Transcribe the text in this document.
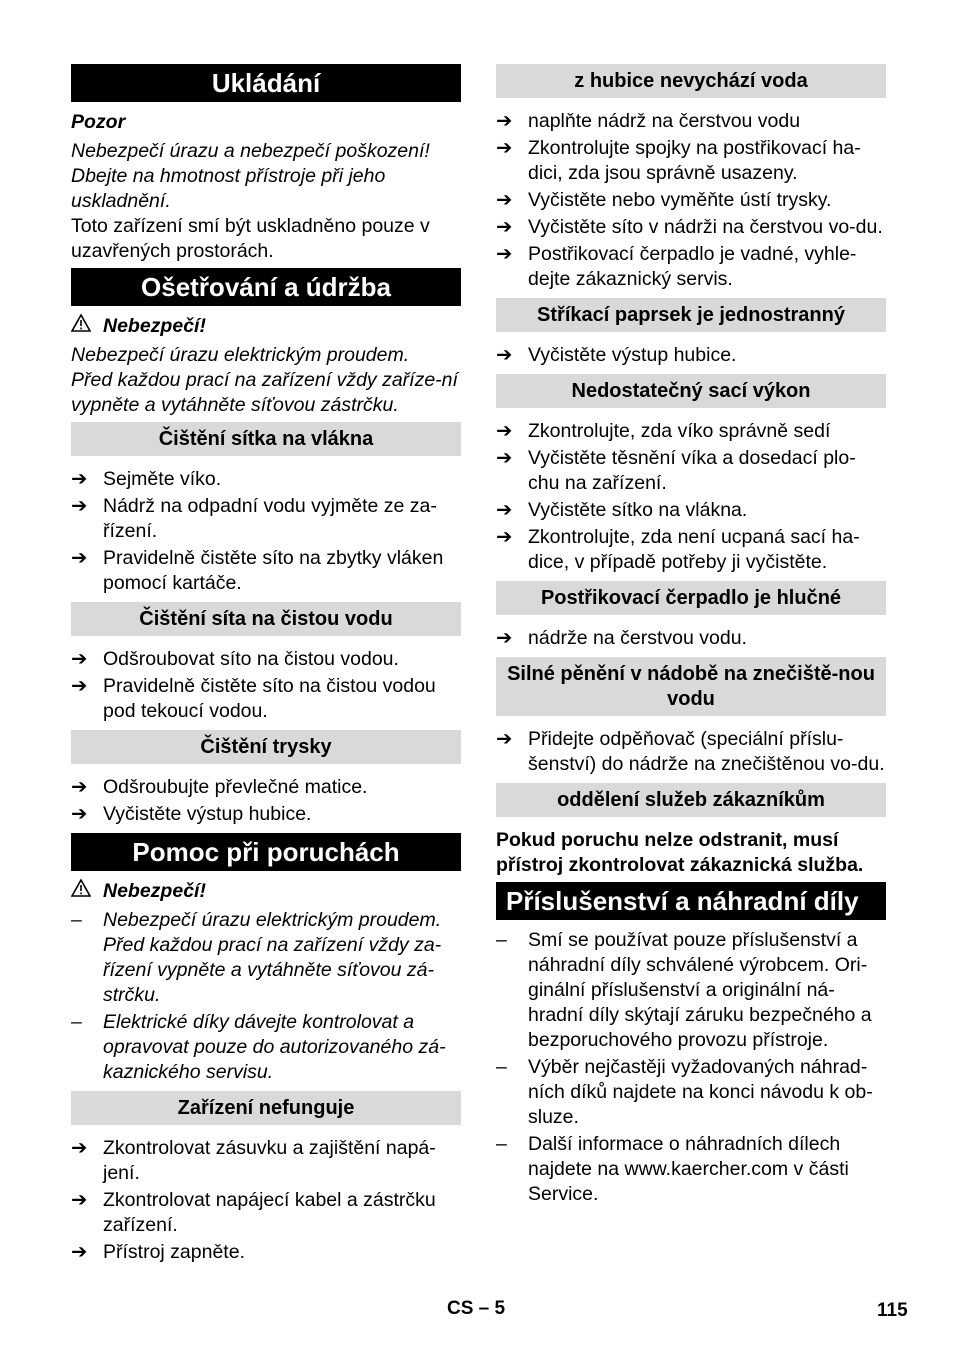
Ukládání

Pozor

Nebezpečí úrazu a nebezpečí poškození!

Dbejte na hmotnost přístroje při jeho uskladnění.

Toto zařízení smí být uskladněno pouze v uzavřených prostorách.

Ošetřování a údržba
Nebezpečí!

Nebezpečí úrazu elektrickým proudem.

Před každou prací na zařízení vždy zaříze-ní vypněte a vytáhněte síťovou zástrčku.

Čištění sítka na vlákna
➔ Sejměte víko.
➔ Nádrž na odpadní vodu vyjměte ze za-řízení.
➔ Pravidelně čistěte síto na zbytky vláken pomocí kartáče.
Čištění síta na čistou vodu
➔ Odšroubovat síto na čistou vodou.
➔ Pravidelně čistěte síto na čistou vodou pod tekoucí vodou.
Čištění trysky
➔ Odšroubujte převlečné matice.
➔ Vyčistěte výstup hubice.
Pomoc při poruchách
Nebezpečí!
–	Nebezpečí úrazu elektrickým proudem. Před každou prací na zařízení vždy za-řízení vypněte a vytáhněte síťovou zá-strčku.
–	Elektrické díky dávejte kontrolovat a opravovat pouze do autorizovaného zá-kaznického servisu.
Zařízení nefunguje
➔ Zkontrolovat zásuvku a zajištění napá-jení.
➔ Zkontrolovat napájecí kabel a zástrčku zařízení.
➔ Přístroj zapněte.
z hubice nevychází voda
➔ naplňte nádrž na čerstvou vodu
➔ Zkontrolujte spojky na postřikovací ha-dici, zda jsou správně usazeny.
➔ Vyčistěte nebo vyměňte ústí trysky.
➔ Vyčistěte síto v nádrži na čerstvou vo-du.
➔ Postřikovací čerpadlo je vadné, vyhle-dejte zákaznický servis.
Stříkací paprsek je jednostranný
➔ Vyčistěte výstup hubice.
Nedostatečný sací výkon
➔ Zkontrolujte, zda víko správně sedí
➔ Vyčistěte těsnění víka a dosedací plo-chu na zařízení.
➔ Vyčistěte sítko na vlákna.
➔ Zkontrolujte, zda není ucpaná sací ha-dice, v případě potřeby ji vyčistěte.
Postřikovací čerpadlo je hlučné
➔ nádrže na čerstvou vodu.
Silné pěnění v nádobě na znečiště-nou vodu
➔ Přidejte odpěňovač (speciální příslu-šenství) do nádrže na znečištěnou vo-du.
oddělení služeb zákazníkům

Pokud poruchu nelze odstranit, musí přístroj zkontrolovat zákaznická služba.

Příslušenství a náhradní díly
–	Smí se používat pouze příslušenství a náhradní díly schválené výrobcem. Ori-ginální příslušenství a originální ná-hradní díly skýtají záruku bezpečného a bezporuchového provozu přístroje.
–	Výběr nejčastěji vyžadovaných náhrad-ních díků najdete na konci návodu k ob-sluze.
–	Další informace o náhradních dílech najdete na www.kaercher.com v části Service.
CS – 5	115
